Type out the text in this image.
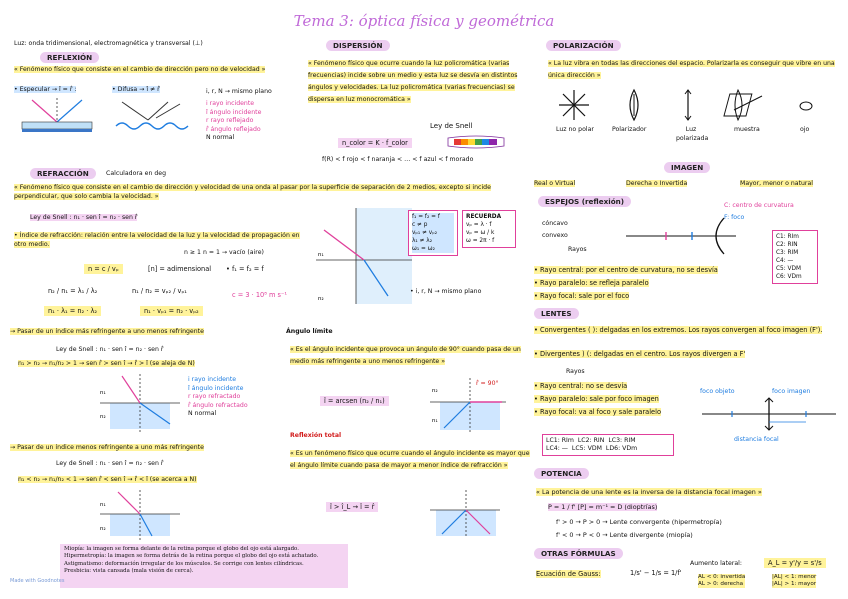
Tema 3: óptica física y geométrica
Luz: onda tridimensional, electromagnética y transversal (⊥)
REFLEXIÓN
« Fenómeno físico que consiste en el cambio de dirección pero no de velocidad »
• Especular → î = r̂ :	• Difusa → î ≠ r̂	i, r, N → mismo plano
i rayo incidente
î ángulo incidente
r rayo reflejado
r̂ ángulo reflejado
N normal
REFRACCIÓN	Calculadora en deg
« Fenómeno físico que consiste en el cambio de dirección y velocidad de una onda al pasar por la superficie de separación de 2 medios, excepto si incide perpendicular, que solo cambia la velocidad. »
Ley de Snell : n₁ · sen î = n₂ · sen r̂
• Índice de refracción: relación entre la velocidad de la luz y la velocidad de propagación en otro medio.
n ≥ 1 n = 1 → vacío (aire)
n = c / vₚ	[n] = adimensional	• f₁ = f₂ = f
n₂ / n₁ = λ₁ / λ₂	n₁ / n₂ = vₚ₂ / vₚ₁	c = 3 · 10⁸ m s⁻¹
n₁ · λ₁ = n₂ · λ₂	n₁ · vₚ₁ = n₂ · vₚ₂
→ Pasar de un índice más refringente a uno menos refringente
Ley de Snell : n₁ · sen î = n₂ · sen r̂
n₁ > n₂ → n₁/n₂ > 1 → sen r̂ > sen î → r̂ > î (se aleja de N)
n₁
n₂
i rayo incidente
î ángulo incidente
r rayo refractado
r̂ ángulo refractado
N normal
→ Pasar de un índice menos refringente a uno más refringente
Ley de Snell : n₁ · sen î = n₂ · sen r̂
n₁ < n₂ → n₁/n₂ < 1 → sen r̂ < sen î → r̂ < î (se acerca a N)
n₁
n₂
Miopía: la imagen se forma delante de la retina porque el globo del ojo está alargado.
Hipermetropía: la imagen se forma detrás de la retina porque el globo del ojo está achatado.
Astigmatismo: deformación irregular de los músculos. Se corrige con lentes cilíndricas.
Presbicia: vista cansada (mala visión de cerca).
Made with Goodnotes
DISPERSIÓN
« Fenómeno físico que ocurre cuando la luz policromática (varias frecuencias) incide sobre un medio y esta luz se desvía en distintos ángulos y velocidades. La luz policromática (varias frecuencias) se dispersa en luz monocromática »
Ley de Snell
n_color = K · f_color
f(R) < f rojo < f naranja < … < f azul < f morado
n₁
n₂
f₁ = f₂ = f
c ≠ p
vₚ₁ ≠ vₚ₂
λ₁ ≠ λ₂
ω₁ = ω₂
RECUERDA
vₚ = λ · f
vₚ = ω / k
ω = 2π · f
• i, r, N → mismo plano
Ángulo límite
« Es el ángulo incidente que provoca un ángulo de 90° cuando pasa de un medio más refringente a uno menos refringente »
î = arcsen (n₂ / n₁)
n₂
n₁
r̂ = 90°
Reflexión total
« Es un fenómeno físico que ocurre cuando el ángulo incidente es mayor que el ángulo límite cuando pasa de mayor a menor índice de refracción »
î > î_L → î = r̂
POLARIZACIÓN
« La luz vibra en todas las direcciones del espacio. Polarizarla es conseguir que vibre en una única dirección »
Luz no polar	Polarizador	Luz polarizada
muestra	ojo
IMAGEN
Real o Virtual	Derecha o Invertida	Mayor, menor o natural
ESPEJOS (reflexión)	C: centro de curvatura
F: foco
cóncavo
convexo
Rayos
C1: RIm
C2: RIN
C3: RIM
C4: —
C5: VDM
C6: VDm
• Rayo central: por el centro de curvatura, no se desvía
• Rayo paralelo: se refleja paralelo
• Rayo focal: sale por el foco
LENTES
• Convergentes ( ): delgadas en los extremos. Los rayos convergen al foco imagen (F').
• Divergentes ) (: delgadas en el centro. Los rayos divergen a F'
Rayos
• Rayo central: no se desvía
• Rayo paralelo: sale por foco imagen
• Rayo focal: va al foco y sale paralelo
foco objeto	foco imagen
distancia focal
LC1: RIm LC2: RIN LC3: RIM
LC4: — LC5: VDM LD6: VDm
POTENCIA
« La potencia de una lente es la inversa de la distancia focal imagen »
P = 1 / f' [P] = m⁻¹ = D (dioptrías)
f' > 0 → P > 0 → Lente convergente (hipermetropía)
f' < 0 → P < 0 → Lente divergente (miopía)
OTRAS FÓRMULAS
Ecuación de Gauss:	1/s' − 1/s = 1/f'
Aumento lateral:	A_L = y'/y = s'/s
AL < 0: invertida
AL > 0: derecha
|AL| < 1: menor
|AL| > 1: mayor
